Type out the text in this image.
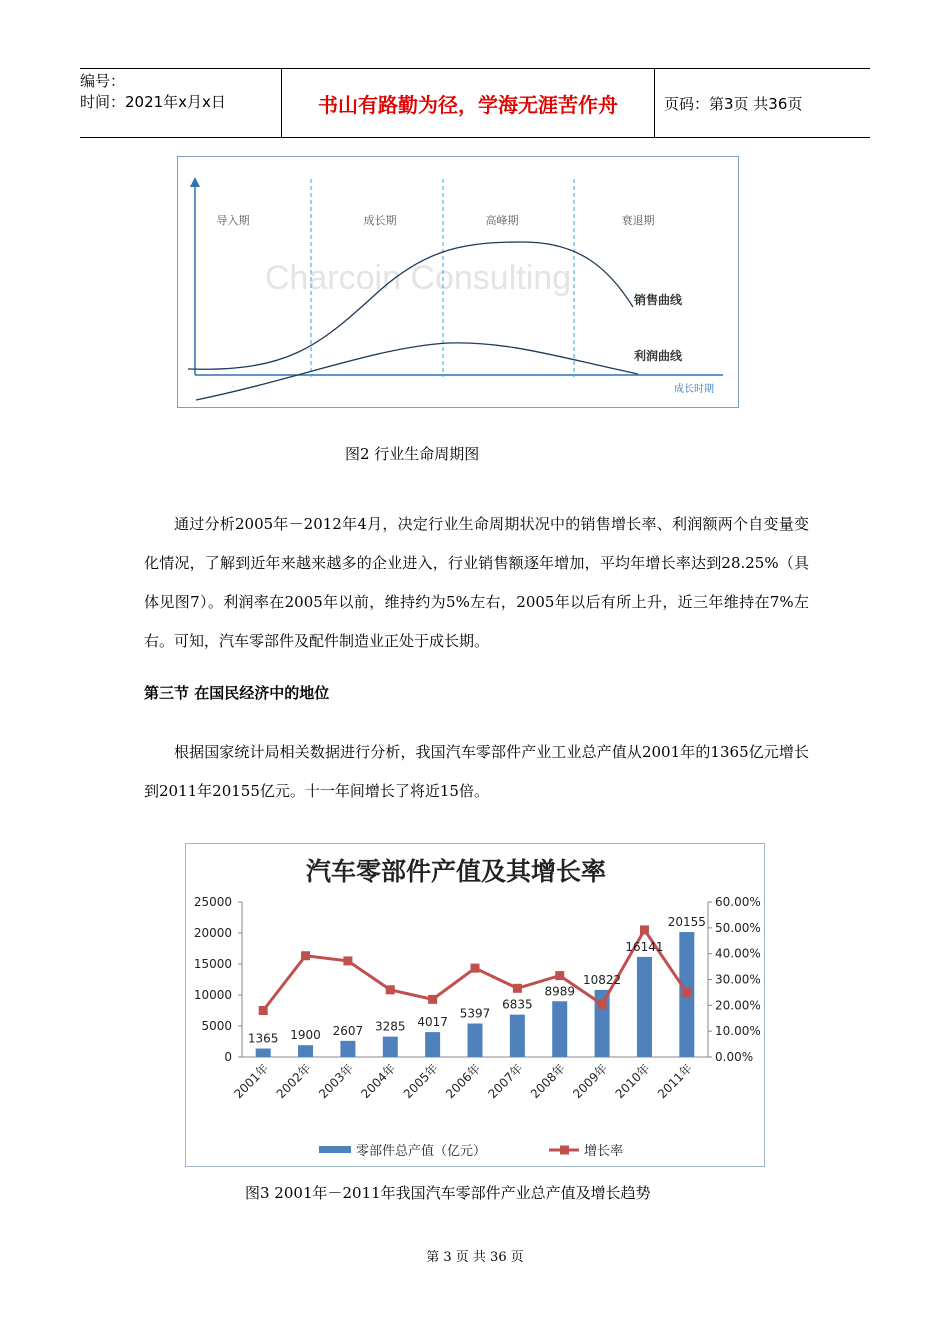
编号：
时间：2021年x月x日	书山有路勤为径，学海无涯苦作舟	页码：第3页 共36页
Charcoin Consulting
导入期	成长期	高峰期	衰退期
销售曲线
利润曲线
成长时期
图2 行业生命周期图
通过分析2005年－2012年4月，决定行业生命周期状况中的销售增长率、利润额两个自变量变化情况，了解到近年来越来越多的企业进入，行业销售额逐年增加，平均年增长率达到28.25%（具体见图7）。利润率在2005年以前，维持约为5%左右，2005年以后有所上升，近三年维持在7%左右。可知，汽车零部件及配件制造业正处于成长期。
第三节 在国民经济中的地位
根据国家统计局相关数据进行分析，我国汽车零部件产业工业总产值从2001年的1365亿元增长到2011年20155亿元。十一年间增长了将近15倍。
汽车零部件产值及其增长率
0
5000
10000
15000
20000
25000
0.00%
10.00%
20.00%
30.00%
40.00%
50.00%
60.00%
2001年 2002年 2003年 2004年 2005年 2006年 2007年 2008年 2009年 2010年 2011年
1365 1900 2607 3285 4017
5397
6835
8989
10822
16141
20155
零部件总产值（亿元）	增长率
图3 2001年－2011年我国汽车零部件产业总产值及增长趋势
第 3 页 共 36 页
